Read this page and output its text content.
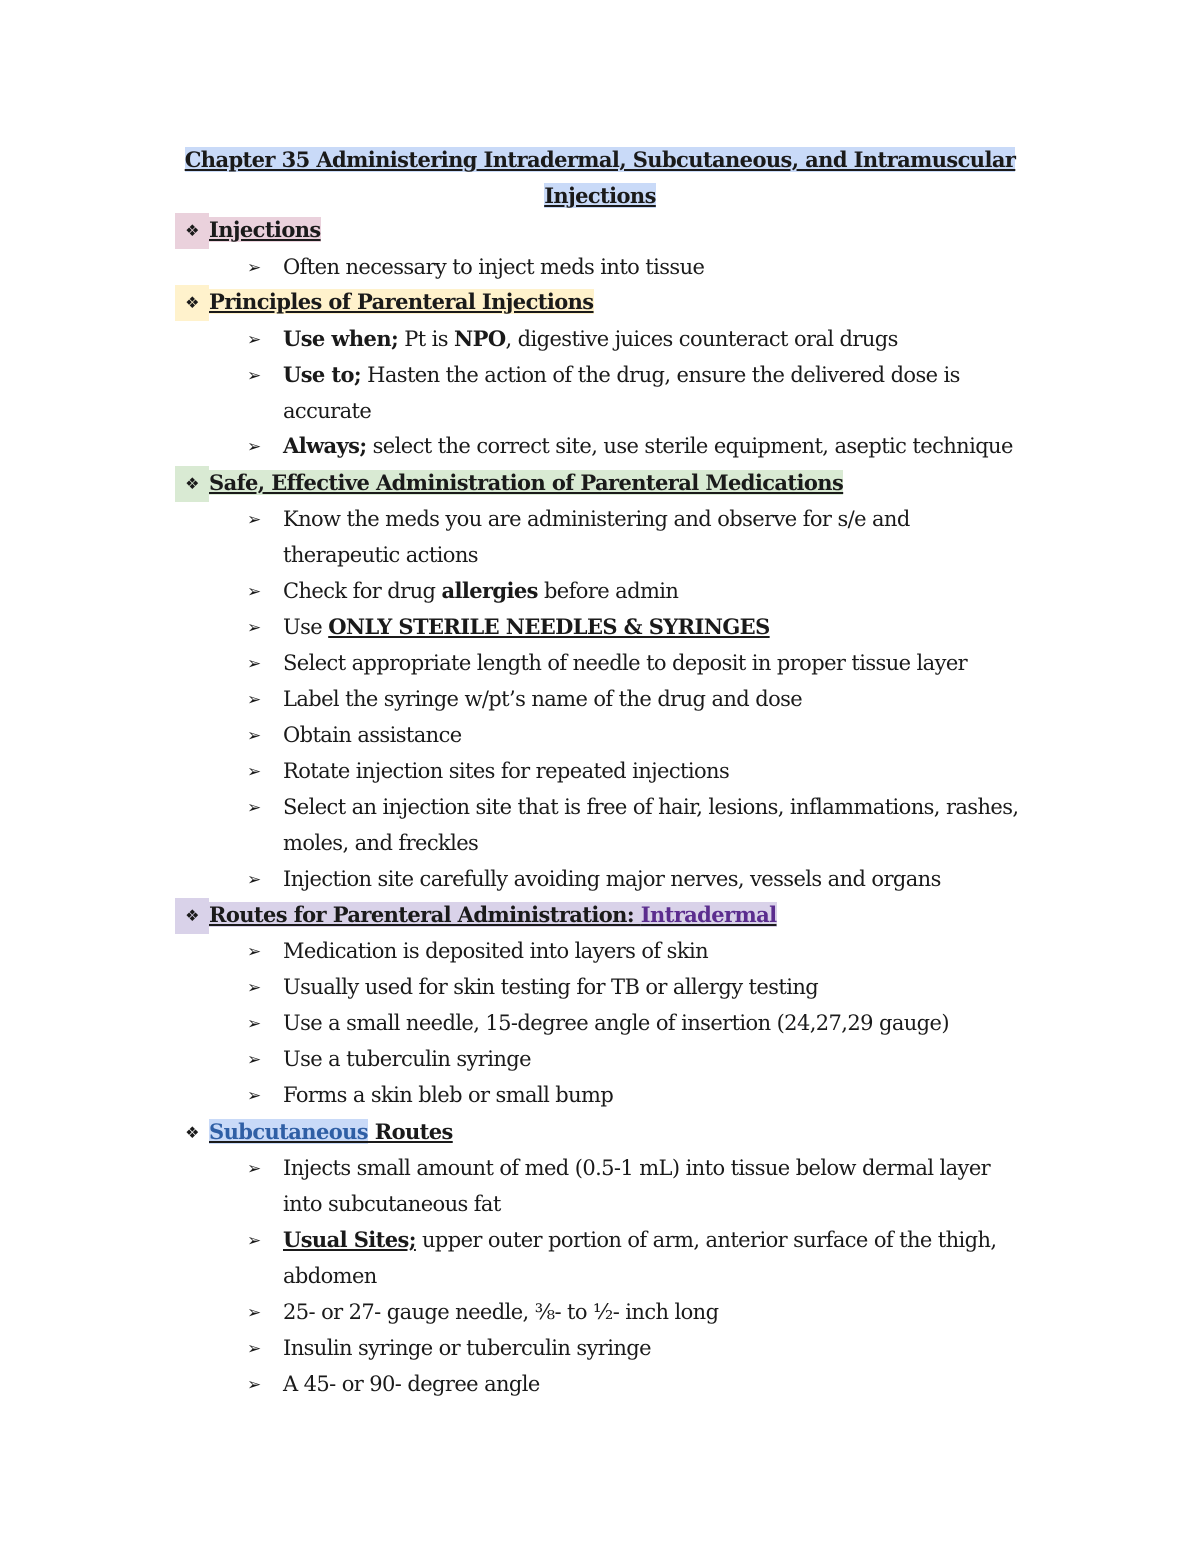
Chapter 35 Administering Intradermal, Subcutaneous, and Intramuscular
Injections
❖ Injections
➢ Often necessary to inject meds into tissue
❖ Principles of Parenteral Injections
➢ Use when; Pt is NPO, digestive juices counteract oral drugs
➢ Use to; Hasten the action of the drug, ensure the delivered dose is
accurate
➢ Always; select the correct site, use sterile equipment, aseptic technique
❖ Safe, Effective Administration of Parenteral Medications
➢ Know the meds you are administering and observe for s/e and
therapeutic actions
➢ Check for drug allergies before admin
➢ Use ONLY STERILE NEEDLES & SYRINGES
➢ Select appropriate length of needle to deposit in proper tissue layer
➢ Label the syringe w/pt’s name of the drug and dose
➢ Obtain assistance
➢ Rotate injection sites for repeated injections
➢ Select an injection site that is free of hair, lesions, inflammations, rashes,
moles, and freckles
➢ Injection site carefully avoiding major nerves, vessels and organs
❖ Routes for Parenteral Administration: Intradermal
➢ Medication is deposited into layers of skin
➢ Usually used for skin testing for TB or allergy testing
➢ Use a small needle, 15-degree angle of insertion (24,27,29 gauge)
➢ Use a tuberculin syringe
➢ Forms a skin bleb or small bump
❖ Subcutaneous Routes
➢ Injects small amount of med (0.5-1 mL) into tissue below dermal layer
into subcutaneous fat
➢ Usual Sites; upper outer portion of arm, anterior surface of the thigh,
abdomen
➢ 25- or 27- gauge needle, ⅜- to ½- inch long
➢ Insulin syringe or tuberculin syringe
➢ A 45- or 90- degree angle
